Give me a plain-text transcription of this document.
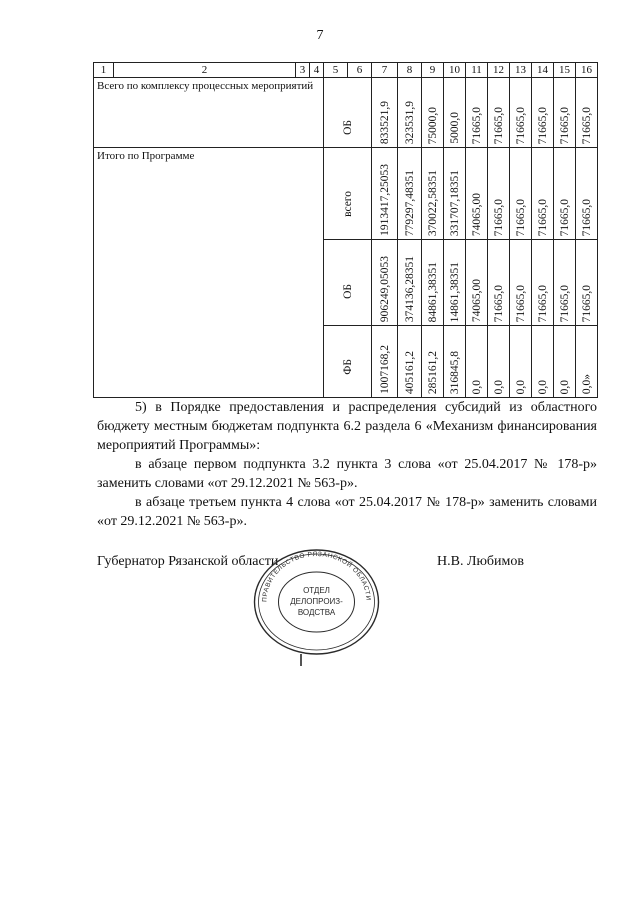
7
1	2	3	4	5	6	7	8	9	10	11	12	13	14	15	16
Всего по комплексу процессных мероприятий				ОБ		833521,9	323531,9	75000,0	5000,0	71665,0	71665,0	71665,0	71665,0	71665,0	71665,0

Итого по Программе				всего		1913417,25053	779297,48351	370022,58351	331707,18351	74065,00	71665,0	71665,0	71665,0	71665,0	71665,0

				ОБ		906249,05053	374136,28351	84861,38351	14861,38351	74065,00	71665,0	71665,0	71665,0	71665,0	71665,0

				ФБ		1007168,2	405161,2	285161,2	316845,8	0,0	0,0	0,0	0,0	0,0	0,0»

5) в Порядке предоставления и распределения субсидий из областного бюджету местным бюджетам подпункта 6.2 раздела 6 «Механизм финансирования мероприятий Программы»:

в абзаце первом подпункта 3.2 пункта 3 слова «от 25.04.2017 № 178-р» заменить словами «от 29.12.2021 № 563-р».

в абзаце третьем пункта 4 слова «от 25.04.2017 № 178-р» заменить словами «от 29.12.2021 № 563-р».

Губернатор Рязанской области	Н.В. Любимов
ПРАВИТЕЛЬСТВО РЯЗАНСКОЙ ОБЛАСТИ
ОТДЕЛ
ДЕЛОПРОИЗ-
ВОДСТВА
